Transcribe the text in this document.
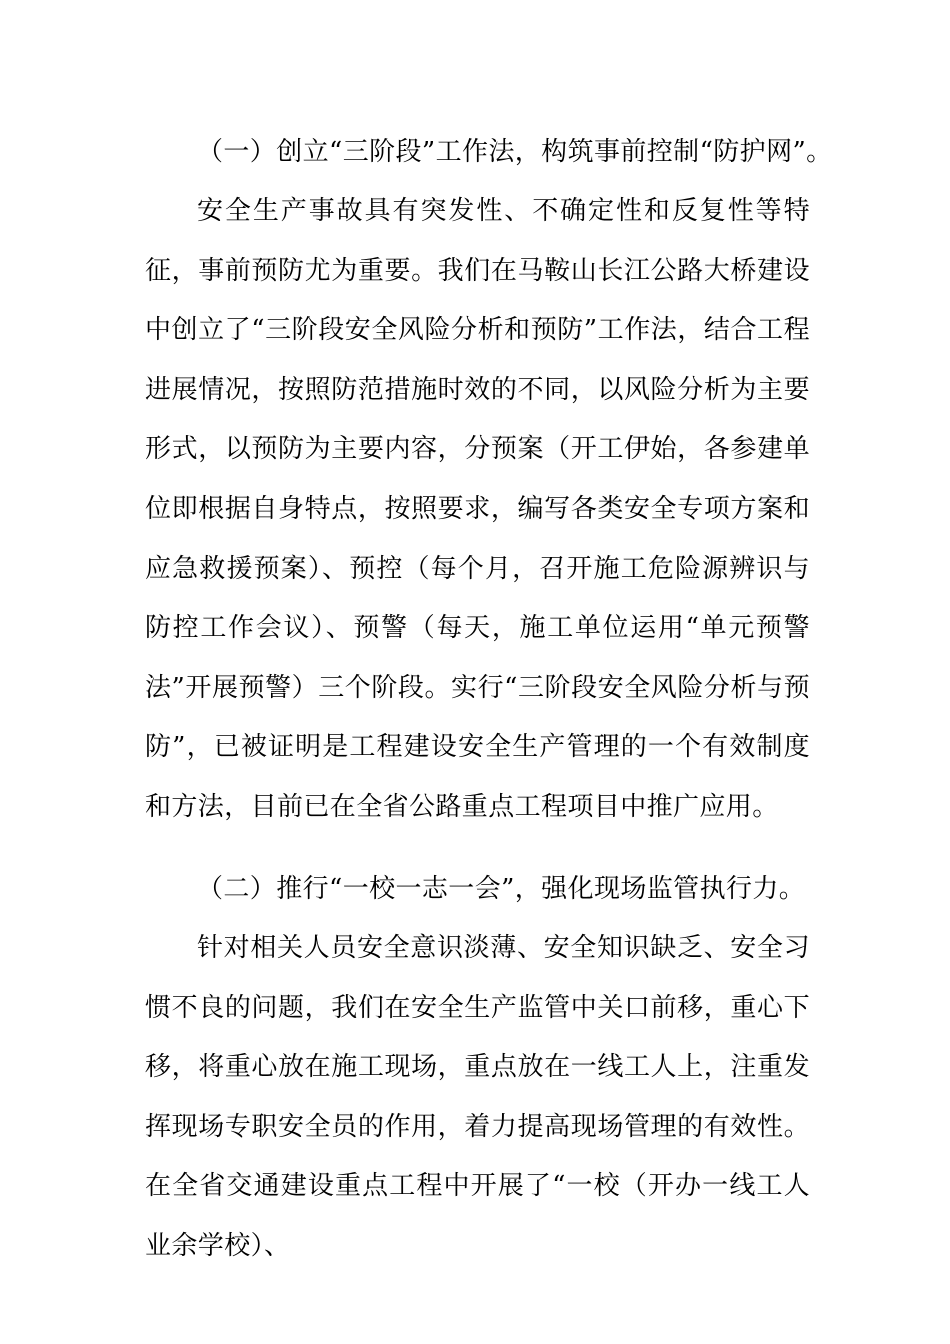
（一）创立“三阶段”工作法，构筑事前控制“防护网”。

安全生产事故具有突发性、不确定性和反复性等特征，事前预防尤为重要。我们在马鞍山长江公路大桥建设中创立了“三阶段安全风险分析和预防”工作法，结合工程进展情况，按照防范措施时效的不同，以风险分析为主要形式，以预防为主要内容，分预案（开工伊始，各参建单位即根据自身特点，按照要求，编写各类安全专项方案和应急救援预案）、预控（每个月，召开施工危险源辨识与防控工作会议）、预警（每天，施工单位运用“单元预警法”开展预警）三个阶段。实行“三阶段安全风险分析与预防”，已被证明是工程建设安全生产管理的一个有效制度和方法，目前已在全省公路重点工程项目中推广应用。

（二）推行“一校一志一会”，强化现场监管执行力。

针对相关人员安全意识淡薄、安全知识缺乏、安全习惯不良的问题，我们在安全生产监管中关口前移，重心下移，将重心放在施工现场，重点放在一线工人上，注重发挥现场专职安全员的作用，着力提高现场管理的有效性。在全省交通建设重点工程中开展了“一校（开办一线工人业余学校）、
